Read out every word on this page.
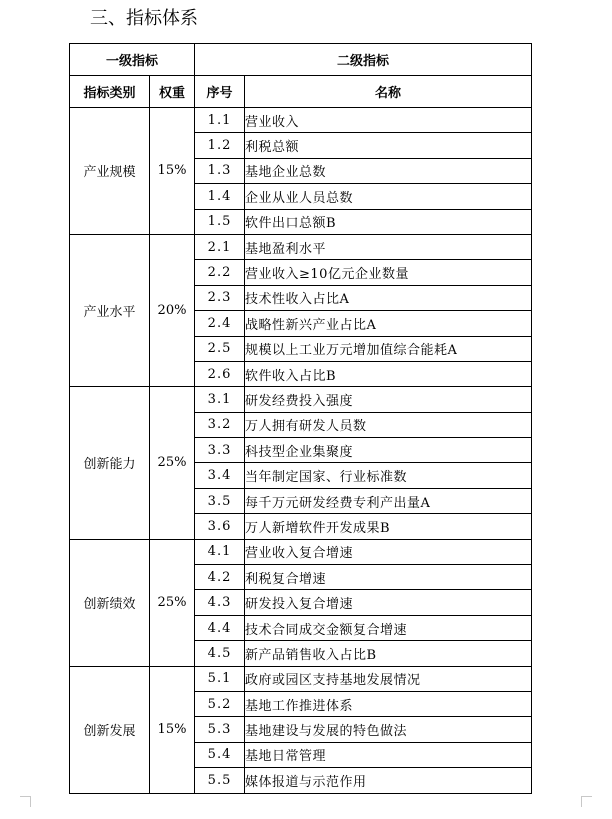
三、指标体系
一级指标		二级指标	
指标类别	权重	序号	名称
产业规模	15%	1.1	营业收入
		1.2	利税总额
		1.3	基地企业总数
		1.4	企业从业人员总数
		1.5	软件出口总额B
产业水平	20%	2.1	基地盈利水平
		2.2	营业收入≥10亿元企业数量
		2.3	技术性收入占比A
		2.4	战略性新兴产业占比A
		2.5	规模以上工业万元增加值综合能耗A
		2.6	软件收入占比B
创新能力	25%	3.1	研发经费投入强度
		3.2	万人拥有研发人员数
		3.3	科技型企业集聚度
		3.4	当年制定国家、行业标准数
		3.5	每千万元研发经费专利产出量A
		3.6	万人新增软件开发成果B
创新绩效	25%	4.1	营业收入复合增速
		4.2	利税复合增速
		4.3	研发投入复合增速
		4.4	技术合同成交金额复合增速
		4.5	新产品销售收入占比B
创新发展	15%	5.1	政府或园区支持基地发展情况
		5.2	基地工作推进体系
		5.3	基地建设与发展的特色做法
		5.4	基地日常管理
		5.5	媒体报道与示范作用
